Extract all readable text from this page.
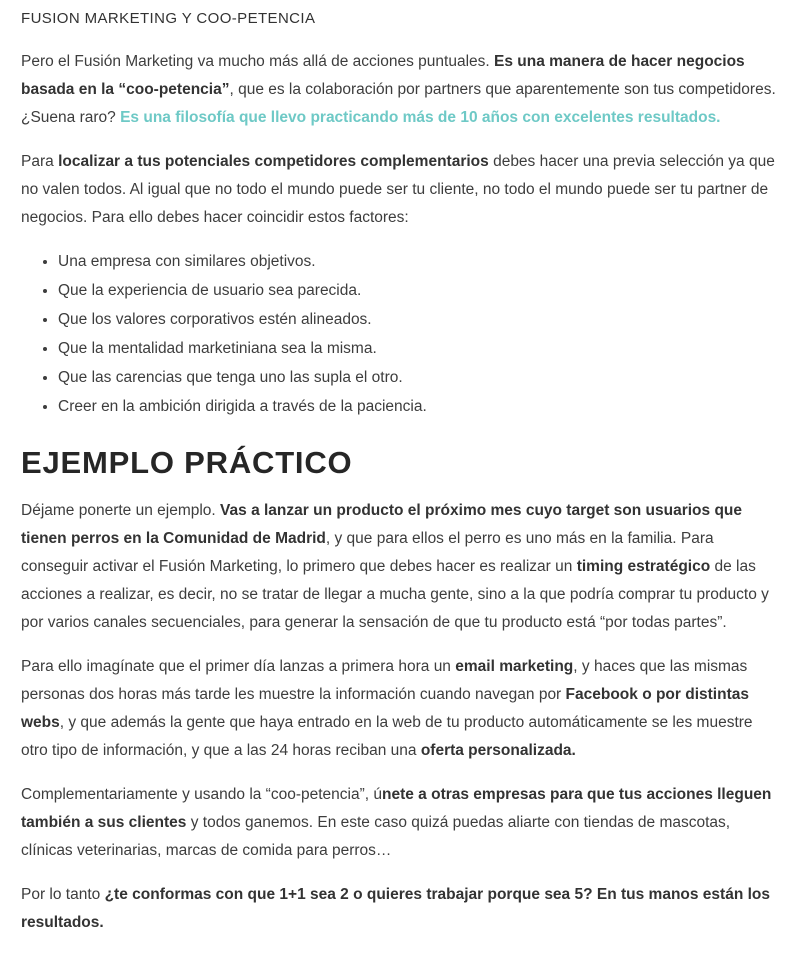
FUSION MARKETING Y COO-PETENCIA

Pero el Fusión Marketing va mucho más allá de acciones puntuales. Es una manera de hacer negocios basada en la “coo-petencia”, que es la colaboración por partners que aparentemente son tus competidores. ¿Suena raro? Es una filosofía que llevo practicando más de 10 años con excelentes resultados.

Para localizar a tus potenciales competidores complementarios debes hacer una previa selección ya que no valen todos. Al igual que no todo el mundo puede ser tu cliente, no todo el mundo puede ser tu partner de negocios. Para ello debes hacer coincidir estos factores:

• Una empresa con similares objetivos.
• Que la experiencia de usuario sea parecida.
• Que los valores corporativos estén alineados.
• Que la mentalidad marketiniana sea la misma.
• Que las carencias que tenga uno las supla el otro.
• Creer en la ambición dirigida a través de la paciencia.
EJEMPLO PRÁCTICO

Déjame ponerte un ejemplo. Vas a lanzar un producto el próximo mes cuyo target son usuarios que tienen perros en la Comunidad de Madrid, y que para ellos el perro es uno más en la familia. Para conseguir activar el Fusión Marketing, lo primero que debes hacer es realizar un timing estratégico de las acciones a realizar, es decir, no se tratar de llegar a mucha gente, sino a la que podría comprar tu producto y por varios canales secuenciales, para generar la sensación de que tu producto está “por todas partes”.

Para ello imagínate que el primer día lanzas a primera hora un email marketing, y haces que las mismas personas dos horas más tarde les muestre la información cuando navegan por Facebook o por distintas webs, y que además la gente que haya entrado en la web de tu producto automáticamente se les muestre otro tipo de información, y que a las 24 horas reciban una oferta personalizada.

Complementariamente y usando la “coo-petencia”, únete a otras empresas para que tus acciones lleguen también a sus clientes y todos ganemos. En este caso quizá puedas aliarte con tiendas de mascotas, clínicas veterinarias, marcas de comida para perros…

Por lo tanto ¿te conformas con que 1+1 sea 2 o quieres trabajar porque sea 5? En tus manos están los resultados.
